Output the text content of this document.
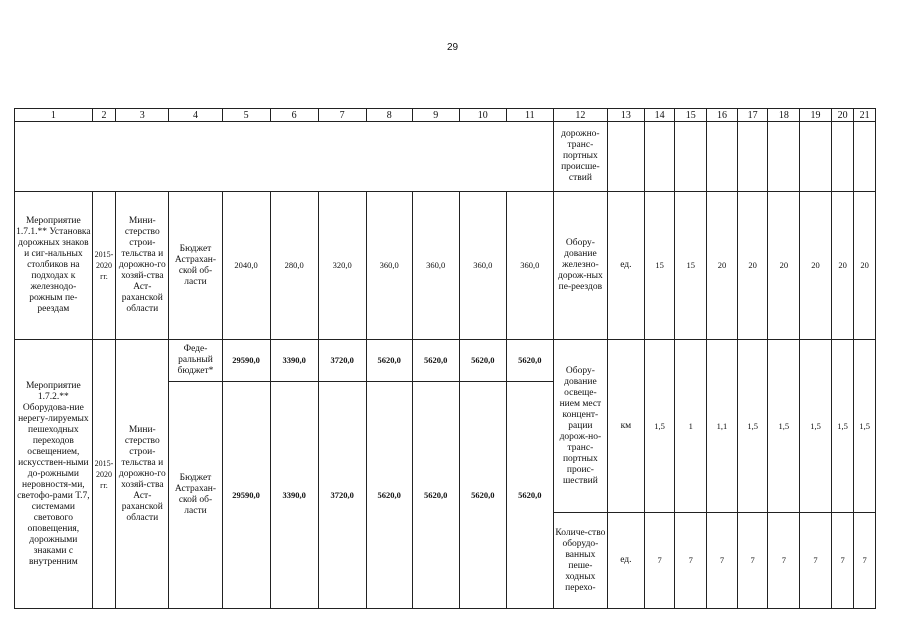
29
1	2	3	4	5	6	7	8	9	10	11	12	13	14	15	16	17	18	19	20	21
											дорожно-транс-портных происше-ствий									
Мероприятие 1.7.1.** Установка дорожных знаков и сиг-нальных столбиков на подходах к железнодо-рожным пе-реездам	2015-2020 гг.	Мини-стерство строи-тельства и дорожно-го хозяй-ства Аст-раханской области	Бюджет Астрахан-ской об-ласти	2040,0	280,0	320,0	360,0	360,0	360,0	360,0	Обору-дование железно-дорож-ных пе-реездов	ед.	15	15	20	20	20	20	20	20
Мероприятие 1.7.2.** Оборудова-ние нерегу-лируемых пешеходных переходов освещением, искусствен-ными до-рожными неровностя-ми, светофо-рами Т.7, системами светового оповещения, дорожными знаками с внутренним	2015-2020 гг.	Мини-стерство строи-тельства и дорожно-го хозяй-ства Аст-раханской области	Феде-ральный бюджет*	29590,0	3390,0	3720,0	5620,0	5620,0	5620,0	5620,0	Обору-дование освеще-нием мест концент-рации дорож-но-транс-портных проис-шествий	км	1,5	1	1,1	1,5	1,5	1,5	1,5	1,5
			Бюджет Астрахан-ской об-ласти	29590,0	3390,0	3720,0	5620,0	5620,0	5620,0	5620,0										
											Количе-ство оборудо-ванных пеше-ходных перехо-	ед.	7	7	7	7	7	7	7	7
